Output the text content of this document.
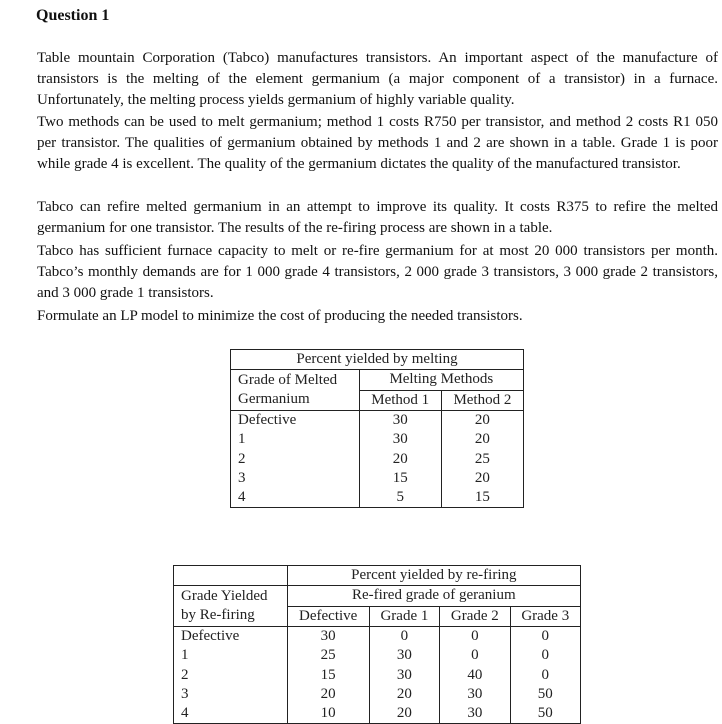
Question 1

Table mountain Corporation (Tabco) manufactures transistors. An important aspect of the manufacture of transistors is the melting of the element germanium (a major component of a transistor) in a furnace. Unfortunately, the melting process yields germanium of highly variable quality.

Two methods can be used to melt germanium; method 1 costs R750 per transistor, and method 2 costs R1 050 per transistor. The qualities of germanium obtained by methods 1 and 2 are shown in a table. Grade 1 is poor while grade 4 is excellent. The quality of the germanium dictates the quality of the manufactured transistor.

Tabco can refire melted germanium in an attempt to improve its quality. It costs R375 to refire the melted germanium for one transistor. The results of the re-firing process are shown in a table.

Tabco has sufficient furnace capacity to melt or re-fire germanium for at most 20 000 transistors per month. Tabco’s monthly demands are for 1 000 grade 4 transistors, 2 000 grade 3 transistors, 3 000 grade 2 transistors, and 3 000 grade 1 transistors.

Formulate an LP model to minimize the cost of producing the needed transistors.

Percent yielded by melting		
Grade of Melted	Melting Methods	
Germanium	Method 1	Method 2
Defective	30	20
1	30	20
2	20	25
3	15	20
4	5	15
	Percent yielded by re-firing			
Grade Yielded	Re-fired grade of geranium			
by Re-firing	Defective	Grade 1	Grade 2	Grade 3
Defective	30	0	0	0
1	25	30	0	0
2	15	30	40	0
3	20	20	30	50
4	10	20	30	50
